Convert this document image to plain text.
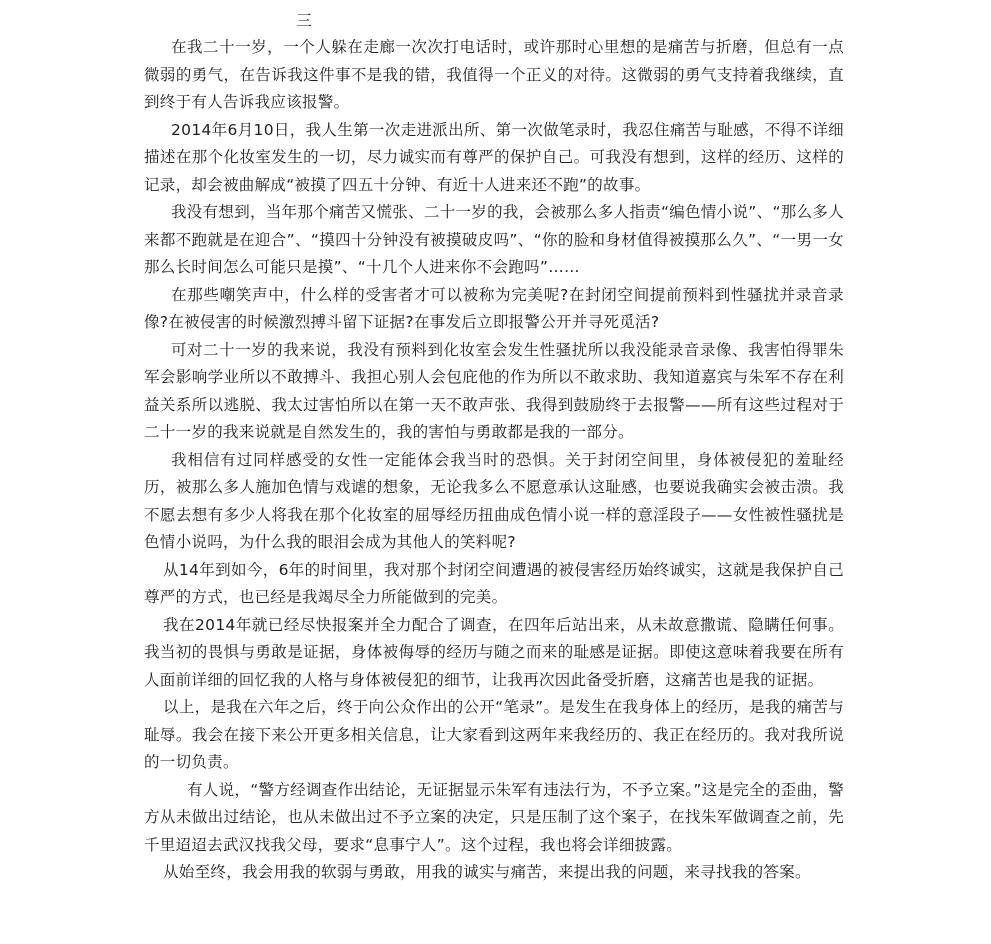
三

在我二十一岁，一个人躲在走廊一次次打电话时，或许那时心里想的是痛苦与折磨，但总有一点微弱的勇气，在告诉我这件事不是我的错，我值得一个正义的对待。这微弱的勇气支持着我继续，直到终于有人告诉我应该报警。

2014年6月10日，我人生第一次走进派出所、第一次做笔录时，我忍住痛苦与耻感，不得不详细描述在那个化妆室发生的一切，尽力诚实而有尊严的保护自己。可我没有想到，这样的经历、这样的记录，却会被曲解成“被摸了四五十分钟、有近十人进来还不跑”的故事。

我没有想到，当年那个痛苦又慌张、二十一岁的我，会被那么多人指责“编色情小说”、“那么多人来都不跑就是在迎合”、“摸四十分钟没有被摸破皮吗”、“你的脸和身材值得被摸那么久”、“一男一女那么长时间怎么可能只是摸”、“十几个人进来你不会跑吗”……

在那些嘲笑声中，什么样的受害者才可以被称为完美呢?在封闭空间提前预料到性骚扰并录音录像?在被侵害的时候激烈搏斗留下证据?在事发后立即报警公开并寻死觅活?

可对二十一岁的我来说，我没有预料到化妆室会发生性骚扰所以我没能录音录像、我害怕得罪朱军会影响学业所以不敢搏斗、我担心别人会包庇他的作为所以不敢求助、我知道嘉宾与朱军不存在利益关系所以逃脱、我太过害怕所以在第一天不敢声张、我得到鼓励终于去报警——所有这些过程对于二十一岁的我来说就是自然发生的，我的害怕与勇敢都是我的一部分。

我相信有过同样感受的女性一定能体会我当时的恐惧。关于封闭空间里，身体被侵犯的羞耻经历，被那么多人施加色情与戏谑的想象，无论我多么不愿意承认这耻感，也要说我确实会被击溃。我不愿去想有多少人将我在那个化妆室的屈辱经历扭曲成色情小说一样的意淫段子——女性被性骚扰是色情小说吗，为什么我的眼泪会成为其他人的笑料呢?

从14年到如今，6年的时间里，我对那个封闭空间遭遇的被侵害经历始终诚实，这就是我保护自己尊严的方式，也已经是我竭尽全力所能做到的完美。

我在2014年就已经尽快报案并全力配合了调查，在四年后站出来，从未故意撒谎、隐瞒任何事。我当初的畏惧与勇敢是证据，身体被侮辱的经历与随之而来的耻感是证据。即使这意味着我要在所有人面前详细的回忆我的人格与身体被侵犯的细节，让我再次因此备受折磨，这痛苦也是我的证据。

以上，是我在六年之后，终于向公众作出的公开“笔录”。是发生在我身体上的经历，是我的痛苦与耻辱。我会在接下来公开更多相关信息，让大家看到这两年来我经历的、我正在经历的。我对我所说的一切负责。

有人说，“警方经调查作出结论，无证据显示朱军有违法行为，不予立案。”这是完全的歪曲，警方从未做出过结论，也从未做出过不予立案的决定，只是压制了这个案子，在找朱军做调查之前，先千里迢迢去武汉找我父母，要求“息事宁人”。这个过程，我也将会详细披露。

从始至终，我会用我的软弱与勇敢，用我的诚实与痛苦，来提出我的问题，来寻找我的答案。
